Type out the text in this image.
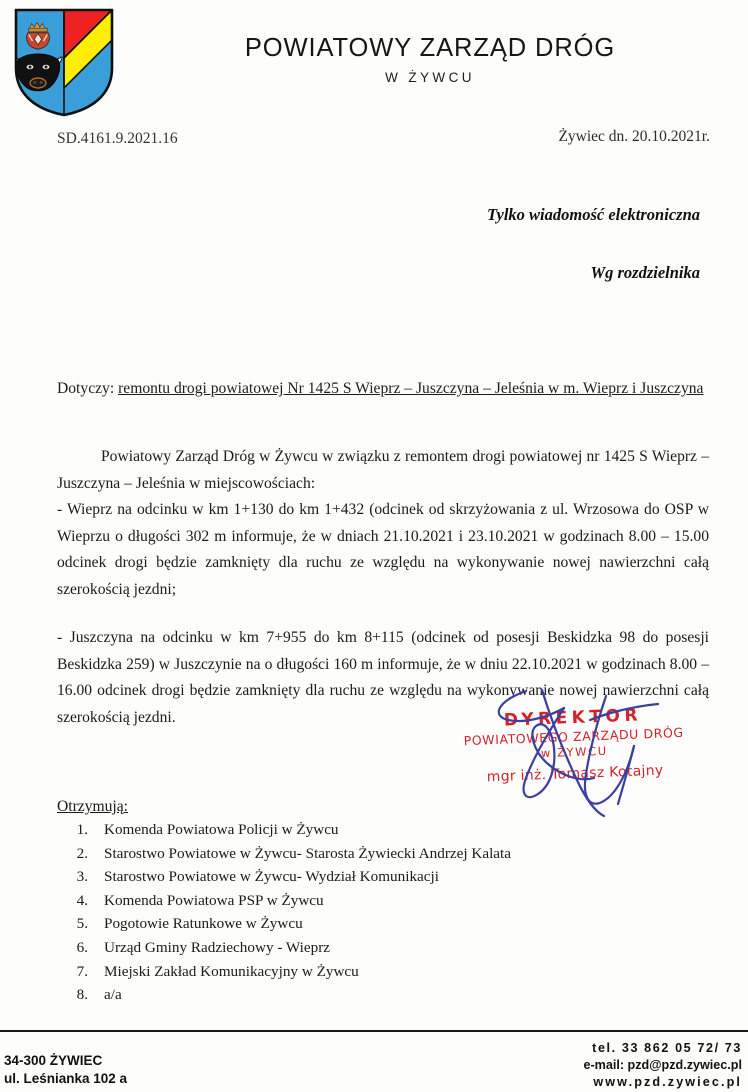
POWIATOWY ZARZĄD DRÓG
W ŻYWCU
SD.4161.9.2021.16	Żywiec dn. 20.10.2021r.
Tylko wiadomość elektroniczna
Wg rozdzielnika
Dotyczy: remontu drogi powiatowej Nr 1425 S Wieprz – Juszczyna – Jeleśnia w m. Wieprz i Juszczyna

Powiatowy Zarząd Dróg w Żywcu w związku z remontem drogi powiatowej nr 1425 S Wieprz – Juszczyna – Jeleśnia w miejscowościach:

- Wieprz na odcinku w km 1+130 do km 1+432 (odcinek od skrzyżowania z ul. Wrzosowa do OSP w Wieprzu o długości 302 m informuje, że w dniach 21.10.2021 i 23.10.2021 w godzinach 8.00 – 15.00 odcinek drogi będzie zamknięty dla ruchu ze względu na wykonywanie nowej nawierzchni całą szerokością jezdni;

- Juszczyna na odcinku w km 7+955 do km 8+115 (odcinek od posesji Beskidzka 98 do posesji Beskidzka 259) w Juszczynie na o długości 160 m informuje, że w dniu 22.10.2021 w godzinach 8.00 – 16.00 odcinek drogi będzie zamknięty dla ruchu ze względu na wykonywanie nowej nawierzchni całą szerokością jezdni.	DYREKTOR
POWIATOWEGO ZARZĄDU DRÓG
w ŻYWCU
mgr inż. Tomasz Kotajny
Otrzymują:
1.	Komenda Powiatowa Policji w Żywcu
2.	Starostwo Powiatowe w Żywcu- Starosta Żywiecki Andrzej Kalata
3.	Starostwo Powiatowe w Żywcu- Wydział Komunikacji
4.	Komenda Powiatowa PSP w Żywcu
5.	Pogotowie Ratunkowe w Żywcu
6.	Urząd Gminy Radziechowy - Wieprz
7.	Miejski Zakład Komunikacyjny w Żywcu
8.	a/a
34-300 ŻYWIEC
ul. Leśnianka 102 a
tel. 33 862 05 72/ 73
e-mail: pzd@pzd.zywiec.pl
www.pzd.zywiec.pl
